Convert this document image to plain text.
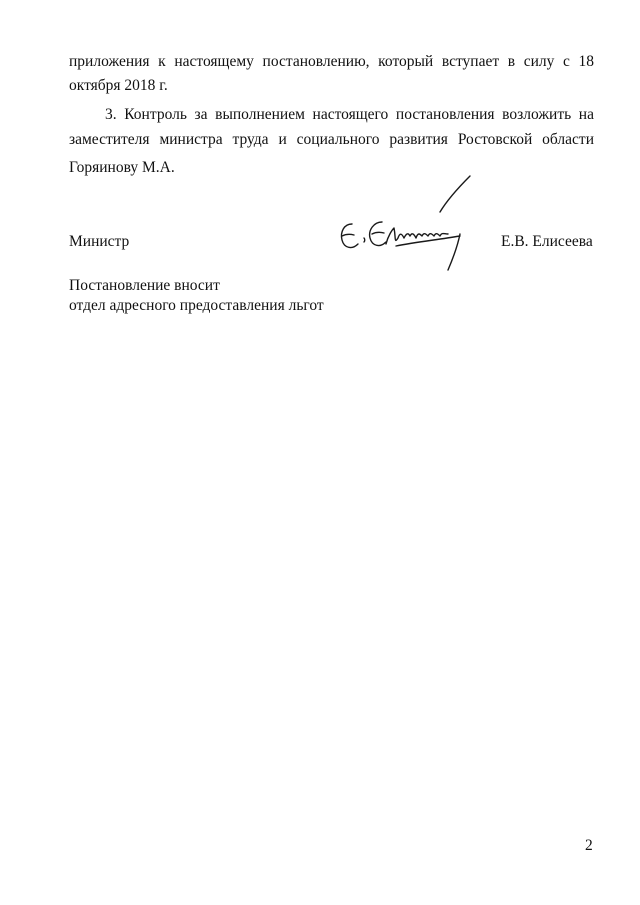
приложения к настоящему постановлению, который вступает в силу с 18
октября 2018 г.
3. Контроль за выполнением настоящего постановления возложить на
заместителя министра труда и социального развития Ростовской области
Горяинову М.А.
Министр	Е.В. Елисеева
Постановление вносит
отдел адресного предоставления льгот
2
